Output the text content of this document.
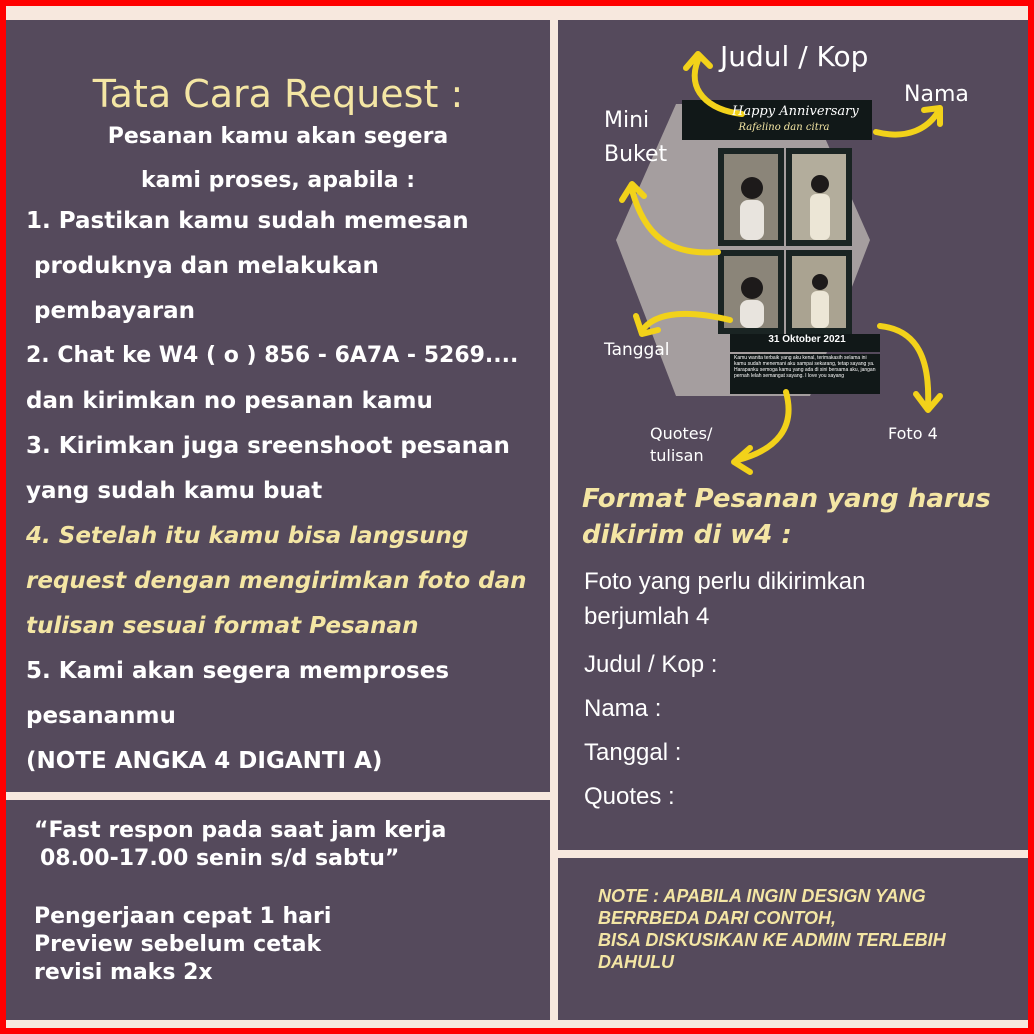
Tata Cara Request :
Pesanan kamu akan segera
kami proses, apabila :
1. Pastikan kamu sudah memesan
produknya dan melakukan
pembayaran
2. Chat ke W4 ( o ) 856 - 6A7A - 5269....
dan kirimkan no pesanan kamu
3. Kirimkan juga sreenshoot pesanan
yang sudah kamu buat
4. Setelah itu kamu bisa langsung
request dengan mengirimkan foto dan
tulisan sesuai format Pesanan
5. Kami akan segera memproses
pesananmu
(NOTE ANGKA 4 DIGANTI A)
“Fast respon pada saat jam kerja
08.00-17.00 senin s/d sabtu”
Pengerjaan cepat 1 hari
Preview sebelum cetak
revisi maks 2x
Happy Anniversary
Rafelino dan citra
31 Oktober 2021
Kamu wanita terbaik yang aku kenal, terimakasih selama ini kamu sudah menemani aku sampai sekarang, tetap sayang ya. Harapanku semoga kamu yang ada di sini bersama aku, jangan pernah lelah semangat sayang. I love you sayang
Judul / Kop
Nama
Mini
Buket
Tanggal
Quotes/
tulisan
Foto 4
Format Pesanan yang harus
dikirim di w4 :
Foto yang perlu dikirimkan
berjumlah 4
Judul / Kop :
Nama :
Tanggal :
Quotes :
NOTE : APABILA INGIN DESIGN YANG
BERRBEDA DARI CONTOH,
BISA DISKUSIKAN KE ADMIN TERLEBIH
DAHULU
